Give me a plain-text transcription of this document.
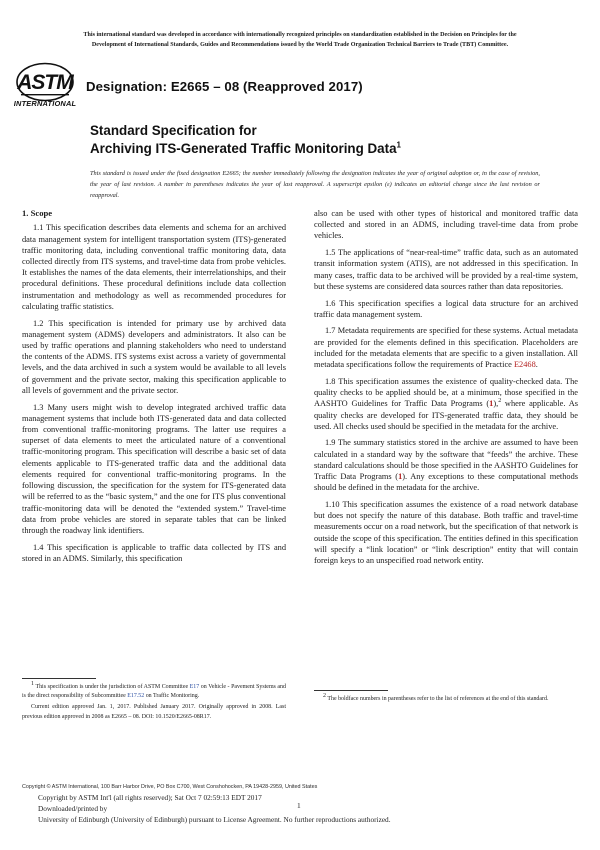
This international standard was developed in accordance with internationally recognized principles on standardization established in the Decision on Principles for the
Development of International Standards, Guides and Recommendations issued by the World Trade Organization Technical Barriers to Trade (TBT) Committee.
ASTM
INTERNATIONAL
Designation: E2665 – 08 (Reapproved 2017)
Standard Specification for
Archiving ITS-Generated Traffic Monitoring Data$^1$
This standard is issued under the fixed designation E2665; the number immediately following the designation indicates the year of original adoption or, in the case of revision, the year of last revision. A number in parentheses indicates the year of last reapproval. A superscript epsilon (ε) indicates an editorial change since the last revision or reapproval.
1. Scope

1.1 This specification describes data elements and schema for an archived data management system for intelligent transportation system (ITS)-generated traffic monitoring data, including conventional traffic monitoring data, data collected directly from ITS systems, and travel-time data from probe vehicles. It establishes the names of the data elements, their interrelationships, and their procedural definitions. These procedural definitions include data collection instrumentation and methodology as well as recommended procedures for calculating traffic statistics.

1.2 This specification is intended for primary use by archived data management system (ADMS) developers and administrators. It also can be used by traffic operations and planning stakeholders who need to understand the contents of the ADMS. ITS systems exist across a variety of governmental levels, and the data archived in such a system would be available to all levels of government and the private sector, making this specification applicable to all levels of government and the private sector.

1.3 Many users might wish to develop integrated archived traffic data management systems that include both ITS-generated data and data collected from conventional traffic-monitoring programs. The latter use requires a superset of data elements to meet the articulated nature of a conventional traffic-monitoring program. This specification will describe a basic set of data elements applicable to ITS-generated traffic data and the additional data elements required for conventional traffic-monitoring programs. In the following discussion, the specification for the system for ITS-generated data will be referred to as the “basic system,” and the one for ITS plus conventional traffic-monitoring data will be denoted the “extended system.” Travel-time data from probe vehicles are stored in separate tables that can be linked through the roadway link identifiers.

1.4 This specification is applicable to traffic data collected by ITS and stored in an ADMS. Similarly, this specification

also can be used with other types of historical and monitored traffic data collected and stored in an ADMS, including travel-time data from probe vehicles.

1.5 The applications of “near-real-time” traffic data, such as an automated transit information system (ATIS), are not addressed in this specification. In many cases, traffic data to be archived will be provided by a real-time system, but these systems are considered data sources rather than data repositories.

1.6 This specification specifies a logical data structure for an archived traffic data management system.

1.7 Metadata requirements are specified for these systems. Actual metadata are provided for the elements defined in this specification. Placeholders are included for the metadata elements that are specific to a given installation. All metadata specifications follow the requirements of Practice E2468.

1.8 This specification assumes the existence of quality-checked data. The quality checks to be applied should be, at a minimum, those specified in the AASHTO Guidelines for Traffic Data Programs (1),$^2$ where applicable. As quality checks are developed for ITS-generated traffic data, they should be used. All checks used should be specified in the metadata for the archive.

1.9 The summary statistics stored in the archive are assumed to have been calculated in a standard way by the software that “feeds” the archive. These standard calculations should be those specified in the AASHTO Guidelines for Traffic Data Programs (1). Any exceptions to these computational methods should be defined in the metadata for the archive.

1.10 This specification assumes the existence of a road network database but does not specify the nature of this database. Both traffic and travel-time measurements occur on a road network, but the specification of that network is outside the scope of this specification. The entities defined in this specification will specify a “link location” or “link description” entity that will contain foreign keys to an unspecified road network entity.

$^1$ This specification is under the jurisdiction of ASTM Committee E17 on Vehicle - Pavement Systems and is the direct responsibility of Subcommittee E17.52 on Traffic Monitoring.

Current edition approved Jan. 1, 2017. Published January 2017. Originally approved in 2008. Last previous edition approved in 2008 as E2665 – 08. DOI: 10.1520/E2665-08R17.

$^2$ The boldface numbers in parentheses refer to the list of references at the end of this standard.

Copyright © ASTM International, 100 Barr Harbor Drive, PO Box C700, West Conshohocken, PA 19428-2959, United States
Copyright by ASTM Int'l (all rights reserved); Sat Oct 7 02:59:13 EDT 2017
Downloaded/printed by
University of Edinburgh (University of Edinburgh) pursuant to License Agreement. No further reproductions authorized.
1
